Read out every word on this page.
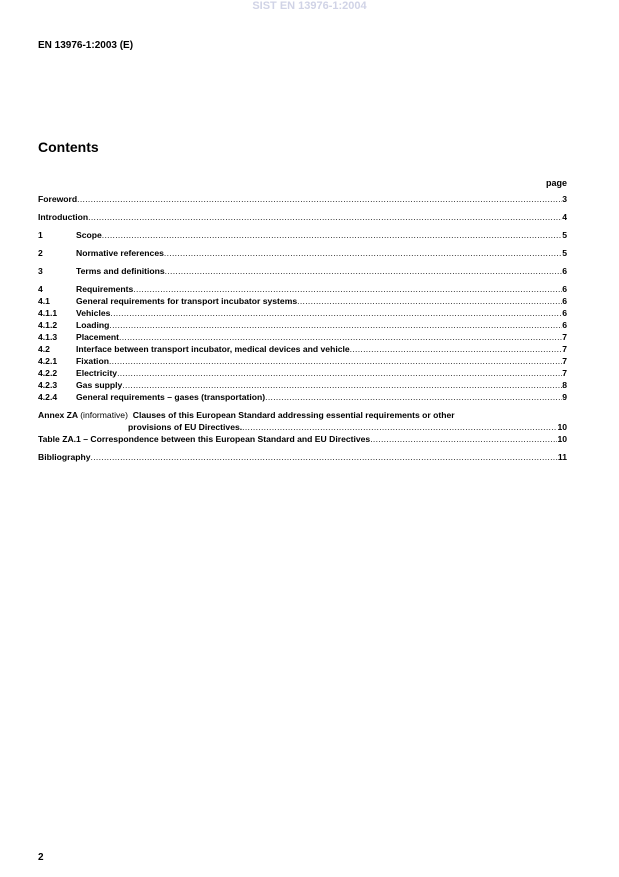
SIST EN 13976-1:2004
EN 13976-1:2003 (E)
Contents
page
Foreword .....	3
Introduction .....	4
1	Scope .....	5
2	Normative references .....	5
3	Terms and definitions .....	6
4	Requirements .....	6
4.1	General requirements for transport incubator systems .....	6
4.1.1	Vehicles .....	6
4.1.2	Loading .....	6
4.1.3	Placement .....	7
4.2	Interface between transport incubator, medical devices and vehicle .....	7
4.2.1	Fixation .....	7
4.2.2	Electricity .....	7
4.2.3	Gas supply .....	8
4.2.4	General requirements – gases (transportation) .....	9
Annex ZA (informative) Clauses of this European Standard addressing essential requirements or other
provisions of EU Directives. .....	10
Table ZA.1 – Correspondence between this European Standard and EU Directives .....	10
Bibliography .....	11
2
